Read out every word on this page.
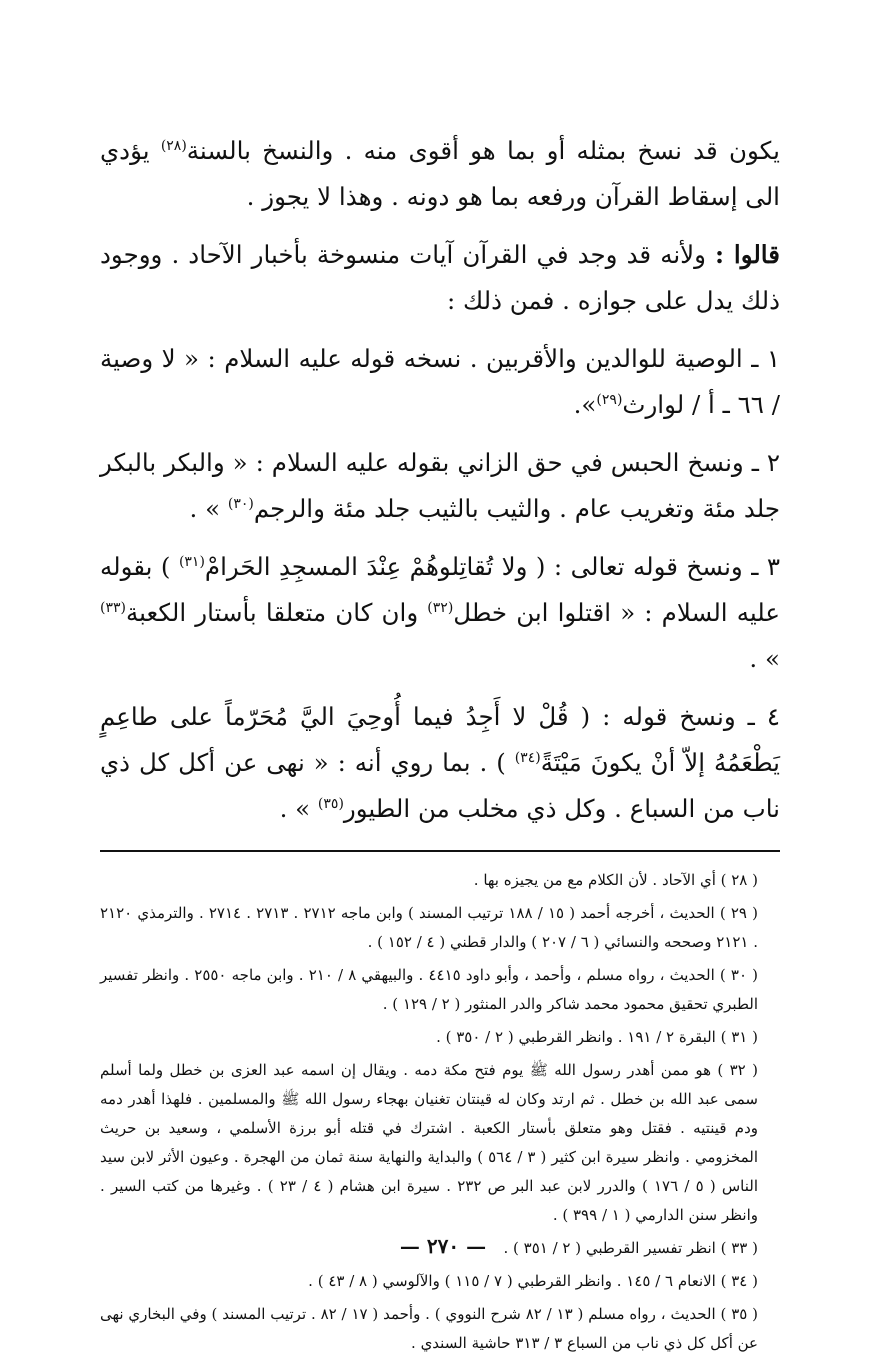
يكون قد نسخ بمثله أو بما هو أقوى منه . والنسخ بالسنة$^{(٢٨)}$ يؤدي الى إسقاط القرآن ورفعه بما هو دونه . وهذا لا يجوز .

قالوا : ولأنه قد وجد في القرآن آيات منسوخة بأخبار الآحاد . ووجود ذلك يدل على جوازه . فمن ذلك :

١ ـ الوصية للوالدين والأقربين . نسخه قوله عليه السلام : « لا وصية / ٦٦ ـ أ / لوارث$^{(٢٩)}$».

٢ ـ ونسخ الحبس في حق الزاني بقوله عليه السلام : « والبكر بالبكر جلد مئة وتغريب عام . والثيب بالثيب جلد مئة والرجم$^{(٣٠)}$ » .

٣ ـ ونسخ قوله تعالى : ( ولا تُقاتِلوهُمْ عِنْدَ المسجِدِ الحَرامْ$^{(٣١)}$ ) بقوله عليه السلام : « اقتلوا ابن خطل$^{(٣٢)}$ وان كان متعلقا بأستار الكعبة$^{(٣٣)}$ » .

٤ ـ ونسخ قوله : ( قُلْ لا أَجِدُ فيما أُوحِيَ اليَّ مُحَرّماً على طاعِمٍ يَطْعَمُهُ إلاّ أنْ يكونَ مَيْتَةً$^{(٣٤)}$ ) . بما روي أنه : « نهى عن أكل كل ذي ناب من السباع . وكل ذي مخلب من الطيور$^{(٣٥)}$ » .

( ٢٨ ) أي الآحاد . لأن الكلام مع من يجيزه بها .

( ٢٩ ) الحديث ، أخرجه أحمد ( ١٥ / ١٨٨ ترتيب المسند ) وابن ماجه ٢٧١٢ . ٢٧١٣ . ٢٧١٤ . والترمذي ٢١٢٠ . ٢١٢١ وصححه والنسائي ( ٦ / ٢٠٧ ) والدار قطني ( ٤ / ١٥٢ ) .

( ٣٠ ) الحديث ، رواه مسلم ، وأحمد ، وأبو داود ٤٤١٥ . والبيهقي ٨ / ٢١٠ . وابن ماجه ٢٥٥٠ . وانظر تفسير الطبري تحقيق محمود محمد شاكر والدر المنثور ( ٢ / ١٢٩ ) .

( ٣١ ) البقرة ٢ / ١٩١ . وانظر القرطبي ( ٢ / ٣٥٠ ) .

( ٣٢ ) هو ممن أهدر رسول الله ﷺ يوم فتح مكة دمه . ويقال إن اسمه عبد العزى بن خطل ولما أسلم سمى عبد الله بن خطل . ثم ارتد وكان له قينتان تغنيان بهجاء رسول الله ﷺ والمسلمين . فلهذا أهدر دمه ودم قينتيه . فقتل وهو متعلق بأستار الكعبة . اشترك في قتله أبو برزة الأسلمي ، وسعيد بن حريث المخزومي . وانظر سيرة ابن كثير ( ٣ / ٥٦٤ ) والبداية والنهاية سنة ثمان من الهجرة . وعيون الأثر لابن سيد الناس ( ٥ / ١٧٦ ) والدرر لابن عبد البر ص ٢٣٢ . سيرة ابن هشام ( ٤ / ٢٣ ) . وغيرها من كتب السير . وانظر سنن الدارمي ( ١ / ٣٩٩ ) .

( ٣٣ ) انظر تفسير القرطبي ( ٢ / ٣٥١ ) .

( ٣٤ ) الانعام ٦ / ١٤٥ . وانظر القرطبي ( ٧ / ١١٥ ) والآلوسي ( ٨ / ٤٣ ) .

( ٣٥ ) الحديث ، رواه مسلم ( ١٣ / ٨٢ شرح النووي ) . وأحمد ( ١٧ / ٨٢ . ترتيب المسند ) وفي البخاري نهى عن أكل كل ذي ناب من السباع ٣ / ٣١٣ حاشية السندي .

— ٢٧٠ —
